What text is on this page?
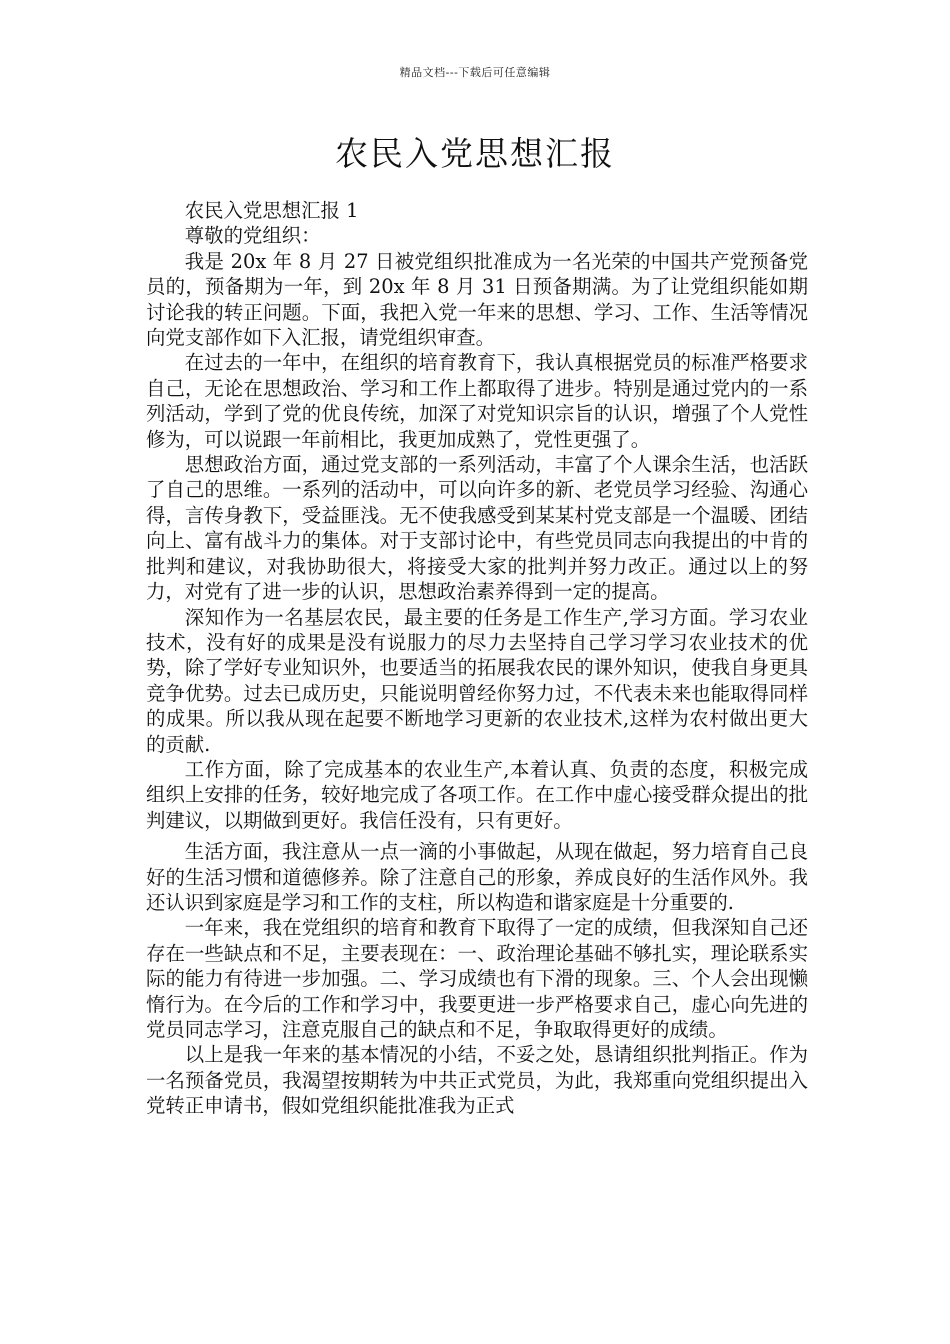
精品文档---下载后可任意编辑
农民入党思想汇报

农民入党思想汇报 1

尊敬的党组织：

我是 20x 年 8 月 27 日被党组织批准成为一名光荣的中国共产党预备党员的，预备期为一年，到 20x 年 8 月 31 日预备期满。为了让党组织能如期讨论我的转正问题。下面，我把入党一年来的思想、学习、工作、生活等情况向党支部作如下入汇报，请党组织审查。

在过去的一年中，在组织的培育教育下，我认真根据党员的标准严格要求自己，无论在思想政治、学习和工作上都取得了进步。特别是通过党内的一系列活动，学到了党的优良传统，加深了对党知识宗旨的认识，增强了个人党性修为，可以说跟一年前相比，我更加成熟了，党性更强了。

思想政治方面，通过党支部的一系列活动，丰富了个人课余生活，也活跃了自己的思维。一系列的活动中，可以向许多的新、老党员学习经验、沟通心得，言传身教下，受益匪浅。无不使我感受到某某村党支部是一个温暖、团结向上、富有战斗力的集体。对于支部讨论中，有些党员同志向我提出的中肯的批判和建议，对我协助很大，将接受大家的批判并努力改正。通过以上的努力，对党有了进一步的认识，思想政治素养得到一定的提高。

深知作为一名基层农民，最主要的任务是工作生产,学习方面。学习农业技术，没有好的成果是没有说服力的尽力去坚持自己学习学习农业技术的优势，除了学好专业知识外，也要适当的拓展我农民的课外知识，使我自身更具竞争优势。过去已成历史，只能说明曾经你努力过，不代表未来也能取得同样的成果。所以我从现在起要不断地学习更新的农业技术,这样为农村做出更大的贡献.

工作方面，除了完成基本的农业生产,本着认真、负责的态度，积极完成组织上安排的任务，较好地完成了各项工作。在工作中虚心接受群众提出的批判建议，以期做到更好。我信任没有，只有更好。

生活方面，我注意从一点一滴的小事做起，从现在做起，努力培育自己良好的生活习惯和道德修养。除了注意自己的形象，养成良好的生活作风外。我还认识到家庭是学习和工作的支柱，所以构造和谐家庭是十分重要的.

一年来，我在党组织的培育和教育下取得了一定的成绩，但我深知自己还存在一些缺点和不足，主要表现在：一、政治理论基础不够扎实，理论联系实际的能力有待进一步加强。二、学习成绩也有下滑的现象。三、个人会出现懒惰行为。在今后的工作和学习中，我要更进一步严格要求自己，虚心向先进的党员同志学习，注意克服自己的缺点和不足，争取取得更好的成绩。

以上是我一年来的基本情况的小结，不妥之处，恳请组织批判指正。作为一名预备党员，我渴望按期转为中共正式党员，为此，我郑重向党组织提出入党转正申请书，假如党组织能批准我为正式
